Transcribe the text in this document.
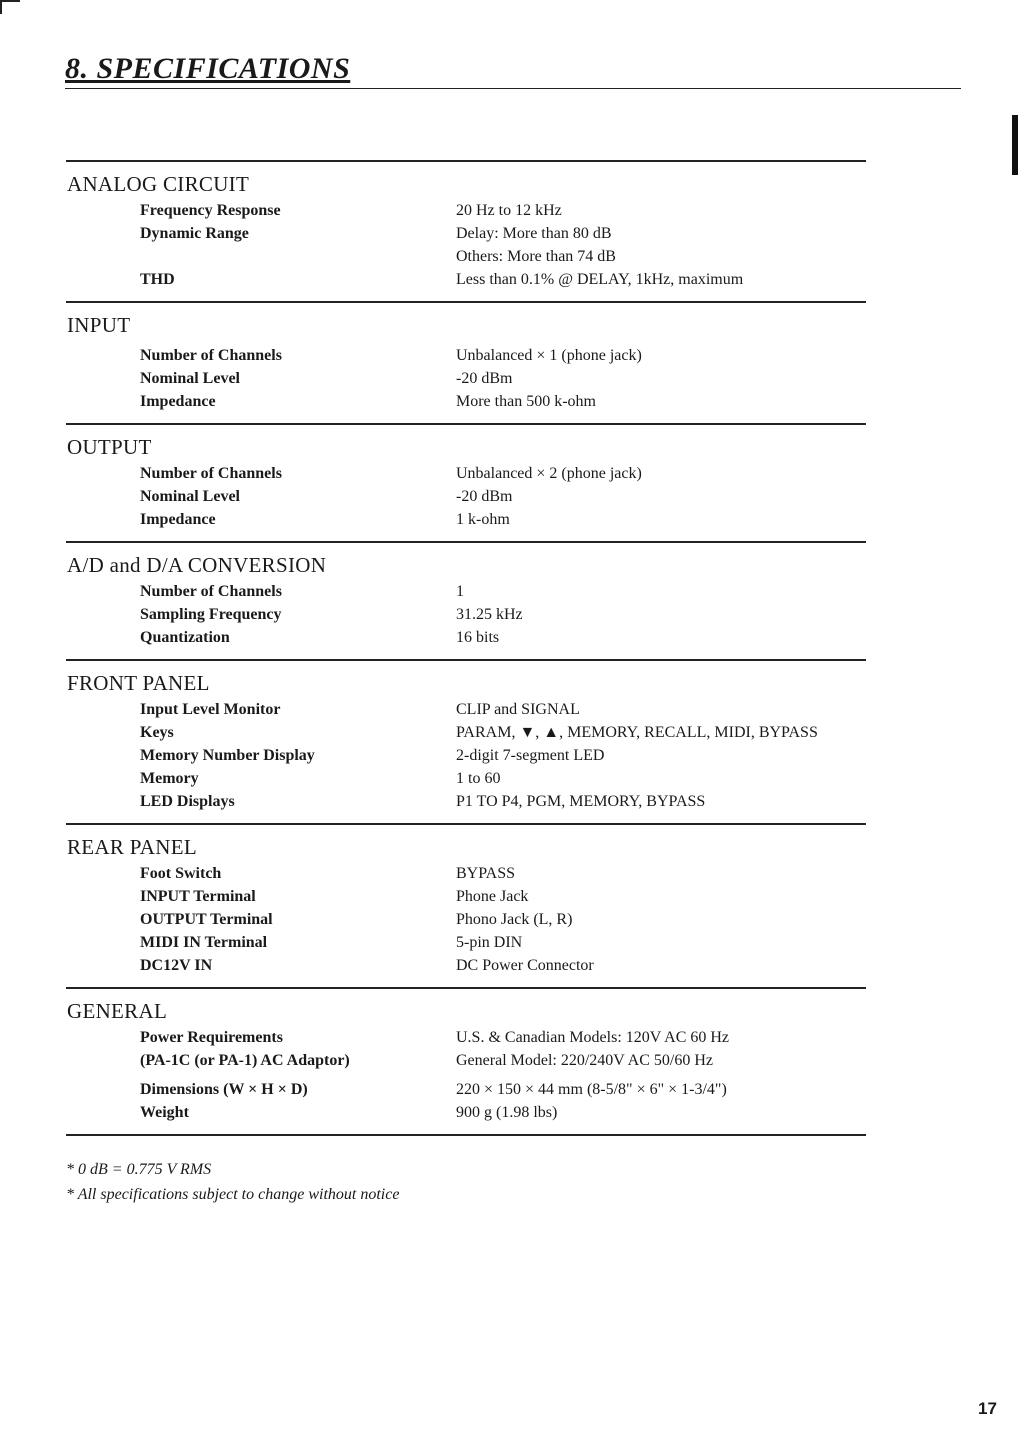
8. SPECIFICATIONS
ANALOG CIRCUIT
Frequency Response	20 Hz to 12 kHz
Dynamic Range	Delay: More than 80 dB
Others: More than 74 dB
THD	Less than 0.1% @ DELAY, 1kHz, maximum
INPUT
Number of Channels	Unbalanced × 1 (phone jack)
Nominal Level	-20 dBm
Impedance	More than 500 k-ohm
OUTPUT
Number of Channels	Unbalanced × 2 (phone jack)
Nominal Level	-20 dBm
Impedance	1 k-ohm
A/D and D/A CONVERSION
Number of Channels	1
Sampling Frequency	31.25 kHz
Quantization	16 bits
FRONT PANEL
Input Level Monitor	CLIP and SIGNAL
Keys	PARAM, ▼, ▲, MEMORY, RECALL, MIDI, BYPASS
Memory Number Display	2-digit 7-segment LED
Memory	1 to 60
LED Displays	P1 TO P4, PGM, MEMORY, BYPASS
REAR PANEL
Foot Switch	BYPASS
INPUT Terminal	Phone Jack
OUTPUT Terminal	Phono Jack (L, R)
MIDI IN Terminal	5-pin DIN
DC12V IN	DC Power Connector
GENERAL
Power Requirements	U.S. & Canadian Models: 120V AC 60 Hz
(PA-1C (or PA-1) AC Adaptor)	General Model: 220/240V AC 50/60 Hz
Dimensions (W × H × D)	220 × 150 × 44 mm (8-5/8" × 6" × 1-3/4")
Weight	900 g (1.98 lbs)
* 0 dB = 0.775 V RMS
* All specifications subject to change without notice
17
